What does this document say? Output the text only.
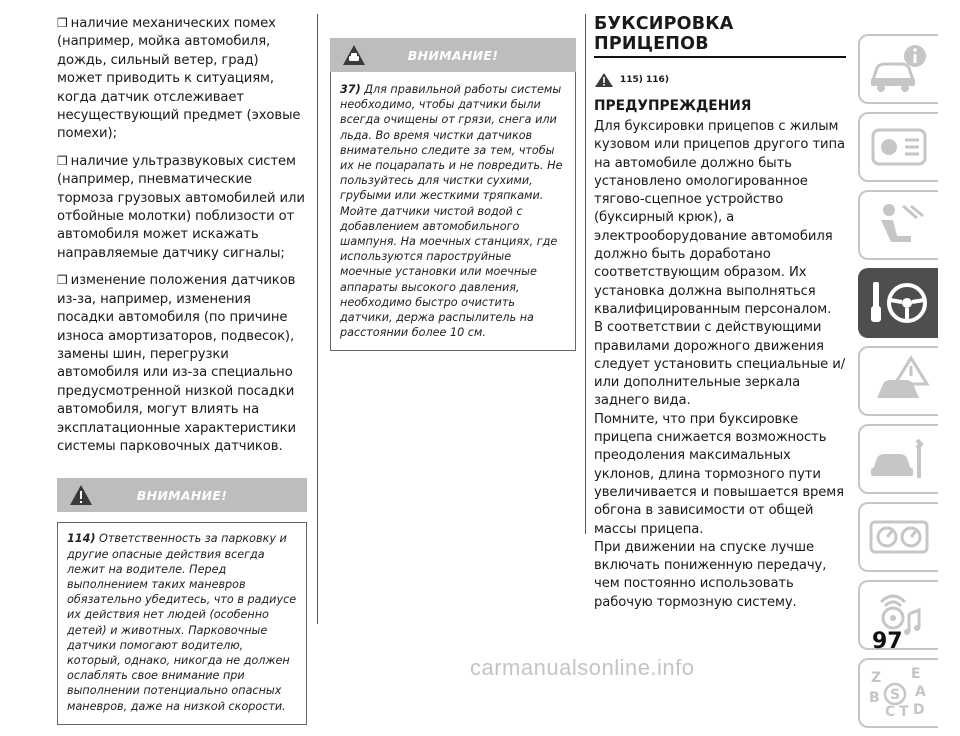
❒ наличие механических помех (например, мойка автомобиля, дождь, сильный ветер, град) может приводить к ситуациям, когда датчик отслеживает несуществующий предмет (эховые помехи);

❒ наличие ультразвуковых систем (например, пневматические тормоза грузовых автомобилей или отбойные молотки) поблизости от автомобиля может искажать направляемые датчику сигналы;

❒ изменение положения датчиков из-за, например, изменения посадки автомобиля (по причине износа амортизаторов, подвесок), замены шин, перегрузки автомобиля или из-за специально предусмотренной низкой посадки автомобиля, могут влиять на эксплатационные характеристики системы парковочных датчиков.

ВНИМАНИЕ!
114) Ответственность за парковку и другие опасные действия всегда лежит на водителе. Перед выполнением таких маневров обязательно убедитесь, что в радиусе их действия нет людей (особенно детей) и животных. Парковочные датчики помогают водителю, который, однако, никогда не должен ослаблять свое внимание при выполнении потенциально опасных маневров, даже на низкой скорости.
ВНИМАНИЕ!
37) Для правильной работы системы необходимо, чтобы датчики были всегда очищены от грязи, снега или льда. Во время чистки датчиков внимательно следите за тем, чтобы их не поцарапать и не повредить. Не пользуйтесь для чистки сухими, грубыми или жесткими тряпками. Мойте датчики чистой водой с добавлением автомобильного шампуня. На моечных станциях, где используются пароструйные моечные установки или моечные аппараты высокого давления, необходимо быстро очистить датчики, держа распылитель на расстоянии более 10 см.
БУКСИРОВКА ПРИЦЕПОВ
115) 116)
ПРЕДУПРЕЖДЕНИЯ
Для буксировки прицепов с жилым кузовом или прицепов другого типа на автомобиле должно быть установлено омологированное тягово-сцепное устройство (буксирный крюк), а электрооборудование автомобиля должно быть доработано соответствующим образом. Их установка должна выполняться квалифицированным персоналом.
В соответствии с действующими правилами дорожного движения следует установить специальные и/или дополнительные зеркала заднего вида.
Помните, что при буксировке прицепа снижается возможность преодоления максимальных уклонов, длина тормозного пути увеличивается и повышается время обгона в зависимости от общей массы прицепа.
При движении на спуске лучше включать пониженную передачу, чем постоянно использовать рабочую тормозную систему.
Z E
A
B
C D
T
S
97
carmanualsonline.info
